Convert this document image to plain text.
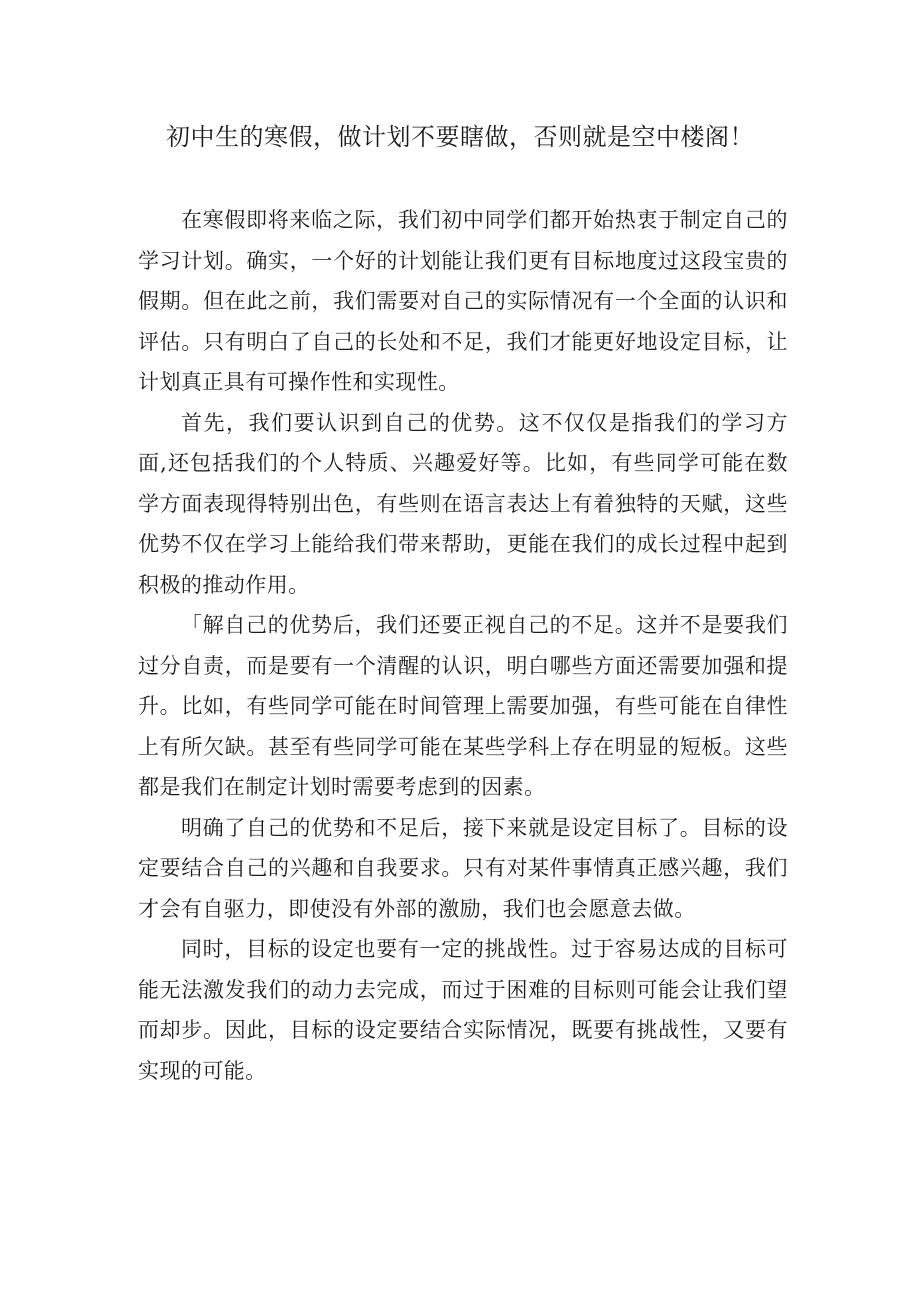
初中生的寒假，做计划不要瞎做，否则就是空中楼阁！

在寒假即将来临之际，我们初中同学们都开始热衷于制定自己的学习计划。确实，一个好的计划能让我们更有目标地度过这段宝贵的假期。但在此之前，我们需要对自己的实际情况有一个全面的认识和评估。只有明白了自己的长处和不足，我们才能更好地设定目标，让计划真正具有可操作性和实现性。

首先，我们要认识到自己的优势。这不仅仅是指我们的学习方面,还包括我们的个人特质、兴趣爱好等。比如，有些同学可能在数学方面表现得特别出色，有些则在语言表达上有着独特的天赋，这些优势不仅在学习上能给我们带来帮助，更能在我们的成长过程中起到积极的推动作用。

「解自己的优势后，我们还要正视自己的不足。这并不是要我们过分自责，而是要有一个清醒的认识，明白哪些方面还需要加强和提升。比如，有些同学可能在时间管理上需要加强，有些可能在自律性上有所欠缺。甚至有些同学可能在某些学科上存在明显的短板。这些都是我们在制定计划时需要考虑到的因素。

明确了自己的优势和不足后，接下来就是设定目标了。目标的设定要结合自己的兴趣和自我要求。只有对某件事情真正感兴趣，我们才会有自驱力，即使没有外部的激励，我们也会愿意去做。

同时，目标的设定也要有一定的挑战性。过于容易达成的目标可能无法激发我们的动力去完成，而过于困难的目标则可能会让我们望而却步。因此，目标的设定要结合实际情况，既要有挑战性，又要有实现的可能。
